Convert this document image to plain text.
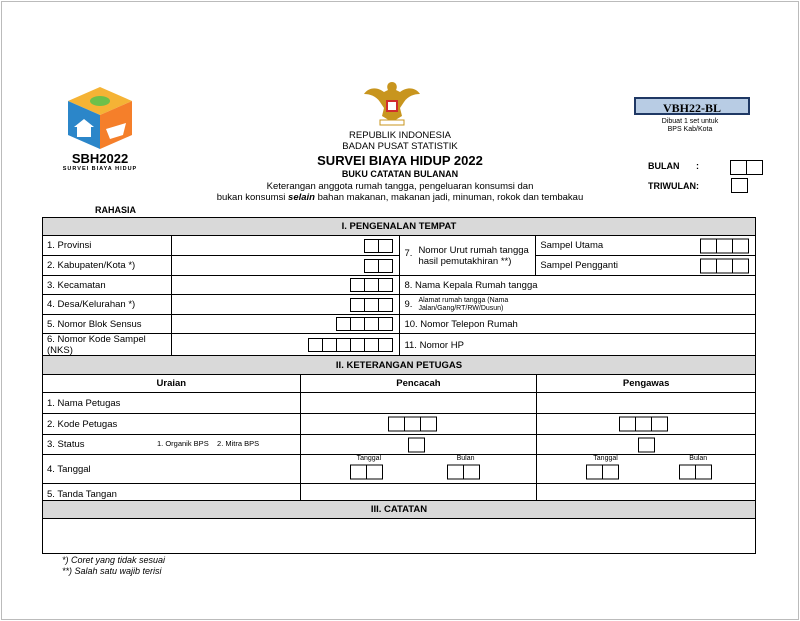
SBH2022
SURVEI BIAYA HIDUP
REPUBLIK INDONESIA
BADAN PUSAT STATISTIK
SURVEI BIAYA HIDUP 2022
BUKU CATATAN BULANAN
Keterangan anggota rumah tangga, pengeluaran konsumsi dan
bukan konsumsi selain bahan makanan, makanan jadi, minuman, rokok dan tembakau
VBH22-BL
Dibuat 1 set untuk
BPS Kab/Kota
BULAN :
TRIWULAN :
RAHASIA
I. PENGENALAN TEMPAT			
1. Provinsi		7. Nomor Urut rumah tangga hasil pemutakhiran **)	Sampel Utama

2. Kabupaten/Kota *)			Sampel Pengganti

3. Kecamatan		8. Nama Kepala Rumah tangga	
4. Desa/Kelurahan *)		9. Alamat rumah tangga (Nama Jalan/Gang/RT/RW/Dusun)	

5. Nomor Blok Sensus		10. Nomor Telepon Rumah	
6. Nomor Kode Sampel (NKS)		11. Nomor HP	
II. KETERANGAN PETUGAS		
Uraian	Pencacah	Pengawas
1. Nama Petugas		
2. Kode Petugas	

3. Status 1. Organik BPS    2. Mitra BPS		

4. Tanggal	Tanggal Bulan	Tanggal Bulan

5. Tanda Tangan		
III. CATATAN

*) Coret yang tidak sesuai
**) Salah satu wajib terisi
